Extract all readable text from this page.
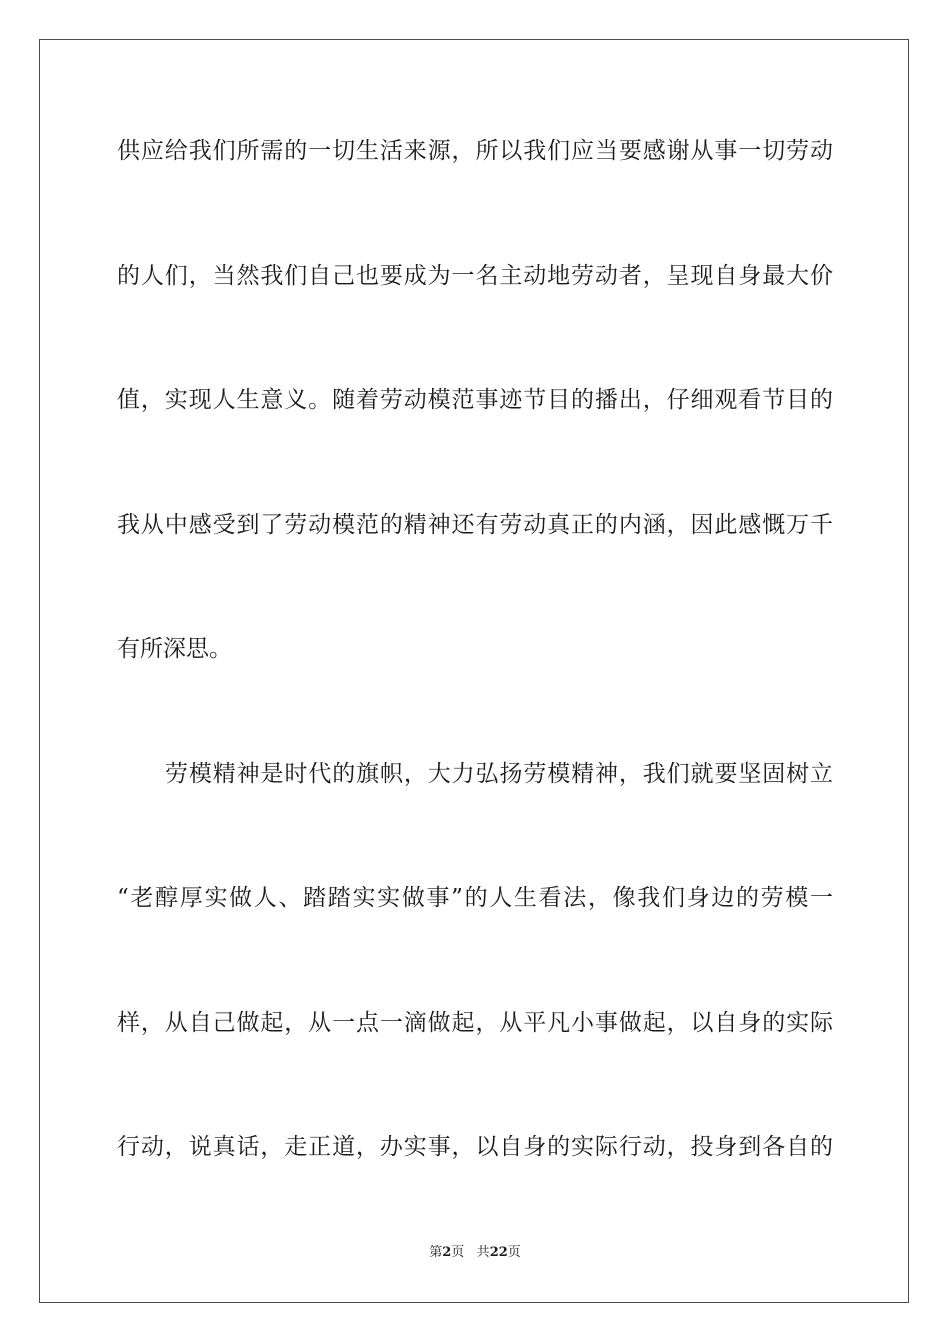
供应给我们所需的一切生活来源，所以我们应当要感谢从事一切劳动
的人们，当然我们自己也要成为一名主动地劳动者，呈现自身最大价
值，实现人生意义。随着劳动模范事迹节目的播出，仔细观看节目的
我从中感受到了劳动模范的精神还有劳动真正的内涵，因此感慨万千
有所深思。
劳模精神是时代的旗帜，大力弘扬劳模精神，我们就要坚固树立
“老醇厚实做人、踏踏实实做事”的人生看法，像我们身边的劳模一
样，从自己做起，从一点一滴做起，从平凡小事做起，以自身的实际
行动，说真话，走正道，办实事，以自身的实际行动，投身到各自的
第2页 共22页
